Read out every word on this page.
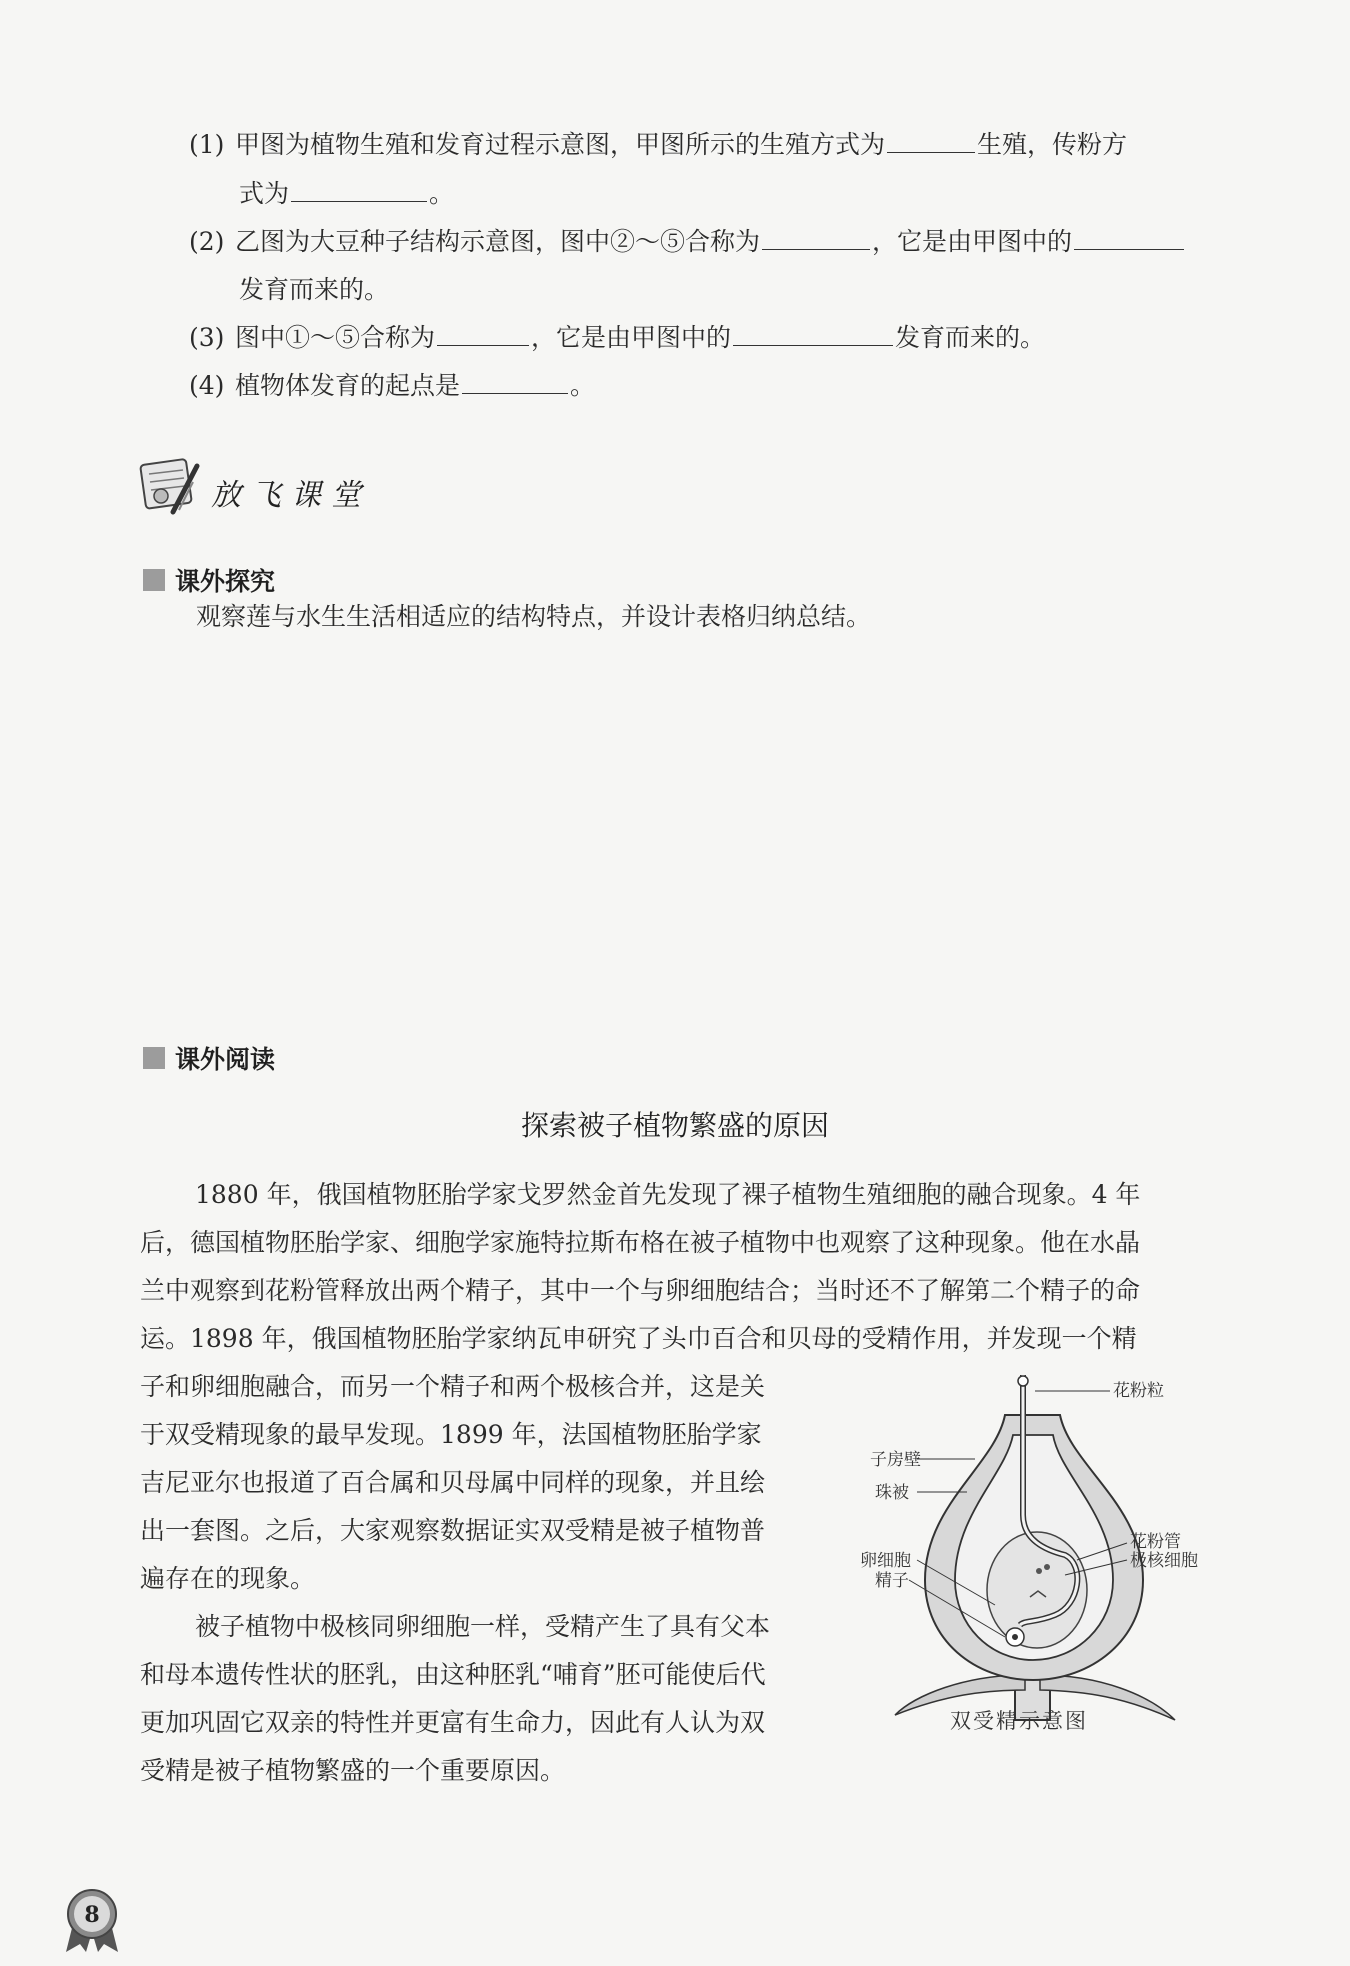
(1) 甲图为植物生殖和发育过程示意图，甲图所示的生殖方式为	生殖，传粉方
式为	。
(2) 乙图为大豆种子结构示意图，图中②～⑤合称为	，它是由甲图中的
发育而来的。
(3) 图中①～⑤合称为	，它是由甲图中的	发育而来的。
(4) 植物体发育的起点是	。
放飞课堂
课外探究
观察莲与水生生活相适应的结构特点，并设计表格归纳总结。
课外阅读
探索被子植物繁盛的原因
1880 年，俄国植物胚胎学家戈罗然金首先发现了裸子植物生殖细胞的融合现象。4 年
后，德国植物胚胎学家、细胞学家施特拉斯布格在被子植物中也观察了这种现象。他在水晶
兰中观察到花粉管释放出两个精子，其中一个与卵细胞结合；当时还不了解第二个精子的命
运。1898 年，俄国植物胚胎学家纳瓦申研究了头巾百合和贝母的受精作用，并发现一个精
子和卵细胞融合，而另一个精子和两个极核合并，这是关
于双受精现象的最早发现。1899 年，法国植物胚胎学家
吉尼亚尔也报道了百合属和贝母属中同样的现象，并且绘
出一套图。之后，大家观察数据证实双受精是被子植物普
遍存在的现象。
被子植物中极核同卵细胞一样，受精产生了具有父本
和母本遗传性状的胚乳，由这种胚乳“哺育”胚可能使后代
更加巩固它双亲的特性并更富有生命力，因此有人认为双
受精是被子植物繁盛的一个重要原因。
花粉粒
子房壁
珠被
花粉管
极核细胞
卵细胞
精子
双受精示意图
8
